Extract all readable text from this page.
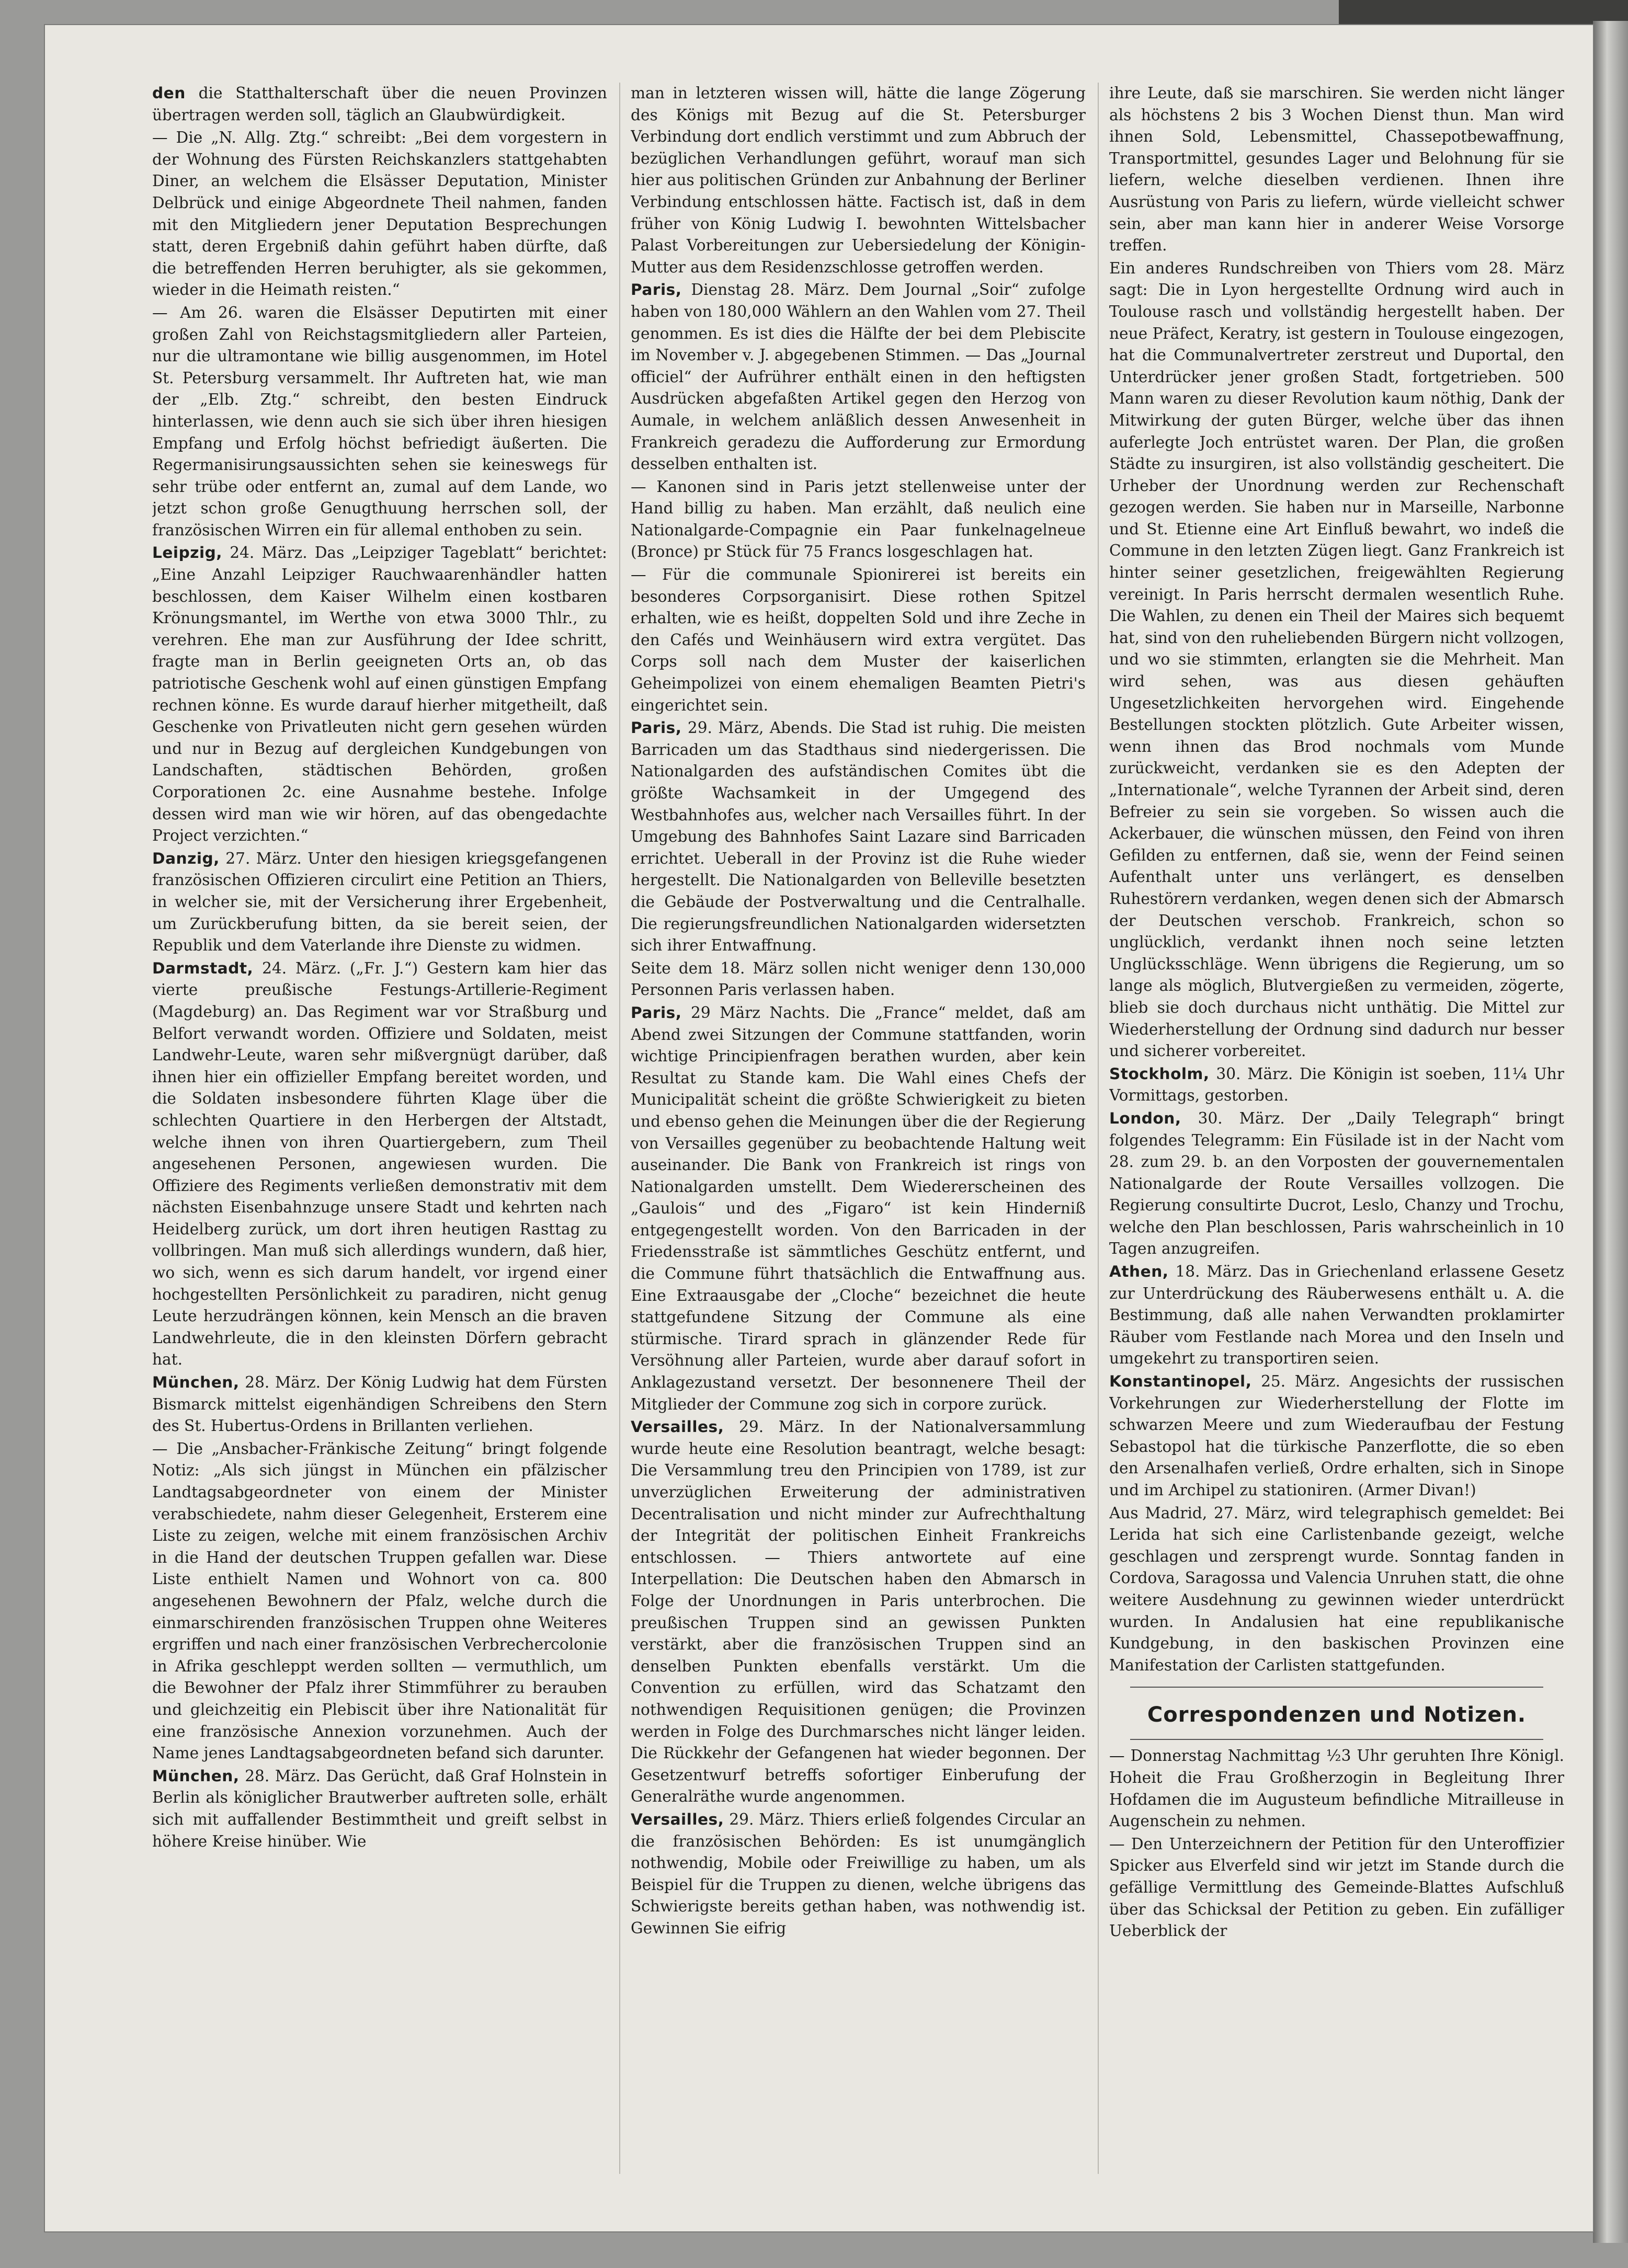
den die Statthalterschaft über die neuen Provinzen übertragen werden soll, täglich an Glaubwürdigkeit.

— Die „N. Allg. Ztg.“ schreibt: „Bei dem vorgestern in der Wohnung des Fürsten Reichskanzlers stattgehabten Diner, an welchem die Elsässer Deputation, Minister Delbrück und einige Abgeordnete Theil nahmen, fanden mit den Mitgliedern jener Deputation Besprechungen statt, deren Ergebniß dahin geführt haben dürfte, daß die betreffenden Herren beruhigter, als sie gekommen, wieder in die Heimath reisten.“

— Am 26. waren die Elsässer Deputirten mit einer großen Zahl von Reichstagsmitgliedern aller Parteien, nur die ultramontane wie billig ausgenommen, im Hotel St. Petersburg versammelt. Ihr Auftreten hat, wie man der „Elb. Ztg.“ schreibt, den besten Eindruck hinterlassen, wie denn auch sie sich über ihren hiesigen Empfang und Erfolg höchst befriedigt äußerten. Die Regermanisirungsaussichten sehen sie keineswegs für sehr trübe oder entfernt an, zumal auf dem Lande, wo jetzt schon große Genugthuung herrschen soll, der französischen Wirren ein für allemal enthoben zu sein.

Leipzig, 24. März. Das „Leipziger Tageblatt“ berichtet: „Eine Anzahl Leipziger Rauchwaarenhändler hatten beschlossen, dem Kaiser Wilhelm einen kostbaren Krönungsmantel, im Werthe von etwa 3000 Thlr., zu verehren. Ehe man zur Ausführung der Idee schritt, fragte man in Berlin geeigneten Orts an, ob das patriotische Geschenk wohl auf einen günstigen Empfang rechnen könne. Es wurde darauf hierher mitgetheilt, daß Geschenke von Privatleuten nicht gern gesehen würden und nur in Bezug auf dergleichen Kundgebungen von Landschaften, städtischen Behörden, großen Corporationen 2c. eine Ausnahme bestehe. Infolge dessen wird man wie wir hören, auf das obengedachte Project verzichten.“

Danzig, 27. März. Unter den hiesigen kriegsgefangenen französischen Offizieren circulirt eine Petition an Thiers, in welcher sie, mit der Versicherung ihrer Ergebenheit, um Zurückberufung bitten, da sie bereit seien, der Republik und dem Vaterlande ihre Dienste zu widmen.

Darmstadt, 24. März. („Fr. J.“) Gestern kam hier das vierte preußische Festungs-Artillerie-Regiment (Magdeburg) an. Das Regiment war vor Straßburg und Belfort verwandt worden. Offiziere und Soldaten, meist Landwehr-Leute, waren sehr mißvergnügt darüber, daß ihnen hier ein offizieller Empfang bereitet worden, und die Soldaten insbesondere führten Klage über die schlechten Quartiere in den Herbergen der Altstadt, welche ihnen von ihren Quartiergebern, zum Theil angesehenen Personen, angewiesen wurden. Die Offiziere des Regiments verließen demonstrativ mit dem nächsten Eisenbahnzuge unsere Stadt und kehrten nach Heidelberg zurück, um dort ihren heutigen Rasttag zu vollbringen. Man muß sich allerdings wundern, daß hier, wo sich, wenn es sich darum handelt, vor irgend einer hochgestellten Persönlichkeit zu paradiren, nicht genug Leute herzudrängen können, kein Mensch an die braven Landwehrleute, die in den kleinsten Dörfern gebracht hat.

München, 28. März. Der König Ludwig hat dem Fürsten Bismarck mittelst eigenhändigen Schreibens den Stern des St. Hubertus-Ordens in Brillanten verliehen.

— Die „Ansbacher-Fränkische Zeitung“ bringt folgende Notiz: „Als sich jüngst in München ein pfälzischer Landtagsabgeordneter von einem der Minister verabschiedete, nahm dieser Gelegenheit, Ersterem eine Liste zu zeigen, welche mit einem französischen Archiv in die Hand der deutschen Truppen gefallen war. Diese Liste enthielt Namen und Wohnort von ca. 800 angesehenen Bewohnern der Pfalz, welche durch die einmarschirenden französischen Truppen ohne Weiteres ergriffen und nach einer französischen Verbrechercolonie in Afrika geschleppt werden sollten — vermuthlich, um die Bewohner der Pfalz ihrer Stimmführer zu berauben und gleichzeitig ein Plebiscit über ihre Nationalität für eine französische Annexion vorzunehmen. Auch der Name jenes Landtagsabgeordneten befand sich darunter.

München, 28. März. Das Gerücht, daß Graf Holnstein in Berlin als königlicher Brautwerber auftreten solle, erhält sich mit auffallender Bestimmtheit und greift selbst in höhere Kreise hinüber. Wie

man in letzteren wissen will, hätte die lange Zögerung des Königs mit Bezug auf die St. Petersburger Verbindung dort endlich verstimmt und zum Abbruch der bezüglichen Verhandlungen geführt, worauf man sich hier aus politischen Gründen zur Anbahnung der Berliner Verbindung entschlossen hätte. Factisch ist, daß in dem früher von König Ludwig I. bewohnten Wittelsbacher Palast Vorbereitungen zur Uebersiedelung der Königin-Mutter aus dem Residenzschlosse getroffen werden.

Paris, Dienstag 28. März. Dem Journal „Soir“ zufolge haben von 180,000 Wählern an den Wahlen vom 27. Theil genommen. Es ist dies die Hälfte der bei dem Plebiscite im November v. J. abgegebenen Stimmen. — Das „Journal officiel“ der Aufrührer enthält einen in den heftigsten Ausdrücken abgefaßten Artikel gegen den Herzog von Aumale, in welchem anläßlich dessen Anwesenheit in Frankreich geradezu die Aufforderung zur Ermordung desselben enthalten ist.

— Kanonen sind in Paris jetzt stellenweise unter der Hand billig zu haben. Man erzählt, daß neulich eine Nationalgarde-Compagnie ein Paar funkelnagelneue (Bronce) pr Stück für 75 Francs losgeschlagen hat.

— Für die communale Spionirerei ist bereits ein besonderes Corpsorganisirt. Diese rothen Spitzel erhalten, wie es heißt, doppelten Sold und ihre Zeche in den Cafés und Weinhäusern wird extra vergütet. Das Corps soll nach dem Muster der kaiserlichen Geheimpolizei von einem ehemaligen Beamten Pietri's eingerichtet sein.

Paris, 29. März, Abends. Die Stad ist ruhig. Die meisten Barricaden um das Stadthaus sind niedergerissen. Die Nationalgarden des aufständischen Comites übt die größte Wachsamkeit in der Umgegend des Westbahnhofes aus, welcher nach Versailles führt. In der Umgebung des Bahnhofes Saint Lazare sind Barricaden errichtet. Ueberall in der Provinz ist die Ruhe wieder hergestellt. Die Nationalgarden von Belleville besetzten die Gebäude der Postverwaltung und die Centralhalle. Die regierungsfreundlichen Nationalgarden widersetzten sich ihrer Entwaffnung.

Seite dem 18. März sollen nicht weniger denn 130,000 Personnen Paris verlassen haben.

Paris, 29 März Nachts. Die „France“ meldet, daß am Abend zwei Sitzungen der Commune stattfanden, worin wichtige Principienfragen berathen wurden, aber kein Resultat zu Stande kam. Die Wahl eines Chefs der Municipalität scheint die größte Schwierigkeit zu bieten und ebenso gehen die Meinungen über die der Regierung von Versailles gegenüber zu beobachtende Haltung weit auseinander. Die Bank von Frankreich ist rings von Nationalgarden umstellt. Dem Wiedererscheinen des „Gaulois“ und des „Figaro“ ist kein Hinderniß entgegengestellt worden. Von den Barricaden in der Friedensstraße ist sämmtliches Geschütz entfernt, und die Commune führt thatsächlich die Entwaffnung aus. Eine Extraausgabe der „Cloche“ bezeichnet die heute stattgefundene Sitzung der Commune als eine stürmische. Tirard sprach in glänzender Rede für Versöhnung aller Parteien, wurde aber darauf sofort in Anklagezustand versetzt. Der besonnenere Theil der Mitglieder der Commune zog sich in corpore zurück.

Versailles, 29. März. In der Nationalversammlung wurde heute eine Resolution beantragt, welche besagt: Die Versammlung treu den Principien von 1789, ist zur unverzüglichen Erweiterung der administrativen Decentralisation und nicht minder zur Aufrechthaltung der Integrität der politischen Einheit Frankreichs entschlossen. — Thiers antwortete auf eine Interpellation: Die Deutschen haben den Abmarsch in Folge der Unordnungen in Paris unterbrochen. Die preußischen Truppen sind an gewissen Punkten verstärkt, aber die französischen Truppen sind an denselben Punkten ebenfalls verstärkt. Um die Convention zu erfüllen, wird das Schatzamt den nothwendigen Requisitionen genügen; die Provinzen werden in Folge des Durchmarsches nicht länger leiden. Die Rückkehr der Gefangenen hat wieder begonnen. Der Gesetzentwurf betreffs sofortiger Einberufung der Generalräthe wurde angenommen.

Versailles, 29. März. Thiers erließ folgendes Circular an die französischen Behörden: Es ist unumgänglich nothwendig, Mobile oder Freiwillige zu haben, um als Beispiel für die Truppen zu dienen, welche übrigens das Schwierigste bereits gethan haben, was nothwendig ist. Gewinnen Sie eifrig

ihre Leute, daß sie marschiren. Sie werden nicht länger als höchstens 2 bis 3 Wochen Dienst thun. Man wird ihnen Sold, Lebensmittel, Chassepotbewaffnung, Transportmittel, gesundes Lager und Belohnung für sie liefern, welche dieselben verdienen. Ihnen ihre Ausrüstung von Paris zu liefern, würde vielleicht schwer sein, aber man kann hier in anderer Weise Vorsorge treffen.

Ein anderes Rundschreiben von Thiers vom 28. März sagt: Die in Lyon hergestellte Ordnung wird auch in Toulouse rasch und vollständig hergestellt haben. Der neue Präfect, Keratry, ist gestern in Toulouse eingezogen, hat die Communalvertreter zerstreut und Duportal, den Unterdrücker jener großen Stadt, fortgetrieben. 500 Mann waren zu dieser Revolution kaum nöthig, Dank der Mitwirkung der guten Bürger, welche über das ihnen auferlegte Joch entrüstet waren. Der Plan, die großen Städte zu insurgiren, ist also vollständig gescheitert. Die Urheber der Unordnung werden zur Rechenschaft gezogen werden. Sie haben nur in Marseille, Narbonne und St. Etienne eine Art Einfluß bewahrt, wo indeß die Commune in den letzten Zügen liegt. Ganz Frankreich ist hinter seiner gesetzlichen, freigewählten Regierung vereinigt. In Paris herrscht dermalen wesentlich Ruhe. Die Wahlen, zu denen ein Theil der Maires sich bequemt hat, sind von den ruheliebenden Bürgern nicht vollzogen, und wo sie stimmten, erlangten sie die Mehrheit. Man wird sehen, was aus diesen gehäuften Ungesetzlichkeiten hervorgehen wird. Eingehende Bestellungen stockten plötzlich. Gute Arbeiter wissen, wenn ihnen das Brod nochmals vom Munde zurückweicht, verdanken sie es den Adepten der „Internationale“, welche Tyrannen der Arbeit sind, deren Befreier zu sein sie vorgeben. So wissen auch die Ackerbauer, die wünschen müssen, den Feind von ihren Gefilden zu entfernen, daß sie, wenn der Feind seinen Aufenthalt unter uns verlängert, es denselben Ruhestörern verdanken, wegen denen sich der Abmarsch der Deutschen verschob. Frankreich, schon so unglücklich, verdankt ihnen noch seine letzten Unglücksschläge. Wenn übrigens die Regierung, um so lange als möglich, Blutvergießen zu vermeiden, zögerte, blieb sie doch durchaus nicht unthätig. Die Mittel zur Wiederherstellung der Ordnung sind dadurch nur besser und sicherer vorbereitet.

Stockholm, 30. März. Die Königin ist soeben, 11¼ Uhr Vormittags, gestorben.

London, 30. März. Der „Daily Telegraph“ bringt folgendes Telegramm: Ein Füsilade ist in der Nacht vom 28. zum 29. b. an den Vorposten der gouvernementalen Nationalgarde der Route Versailles vollzogen. Die Regierung consultirte Ducrot, Leslo, Chanzy und Trochu, welche den Plan beschlossen, Paris wahrscheinlich in 10 Tagen anzugreifen.

Athen, 18. März. Das in Griechenland erlassene Gesetz zur Unterdrückung des Räuberwesens enthält u. A. die Bestimmung, daß alle nahen Verwandten proklamirter Räuber vom Festlande nach Morea und den Inseln und umgekehrt zu transportiren seien.

Konstantinopel, 25. März. Angesichts der russischen Vorkehrungen zur Wiederherstellung der Flotte im schwarzen Meere und zum Wiederaufbau der Festung Sebastopol hat die türkische Panzerflotte, die so eben den Arsenalhafen verließ, Ordre erhalten, sich in Sinope und im Archipel zu stationiren. (Armer Divan!)

Aus Madrid, 27. März, wird telegraphisch gemeldet: Bei Lerida hat sich eine Carlistenbande gezeigt, welche geschlagen und zersprengt wurde. Sonntag fanden in Cordova, Saragossa und Valencia Unruhen statt, die ohne weitere Ausdehnung zu gewinnen wieder unterdrückt wurden. In Andalusien hat eine republikanische Kundgebung, in den baskischen Provinzen eine Manifestation der Carlisten stattgefunden.

Correspondenzen und Notizen.

— Donnerstag Nachmittag ½3 Uhr geruhten Ihre Königl. Hoheit die Frau Großherzogin in Begleitung Ihrer Hofdamen die im Augusteum befindliche Mitrailleuse in Augenschein zu nehmen.

— Den Unterzeichnern der Petition für den Unteroffizier Spicker aus Elverfeld sind wir jetzt im Stande durch die gefällige Vermittlung des Gemeinde-Blattes Aufschluß über das Schicksal der Petition zu geben. Ein zufälliger Ueberblick der
